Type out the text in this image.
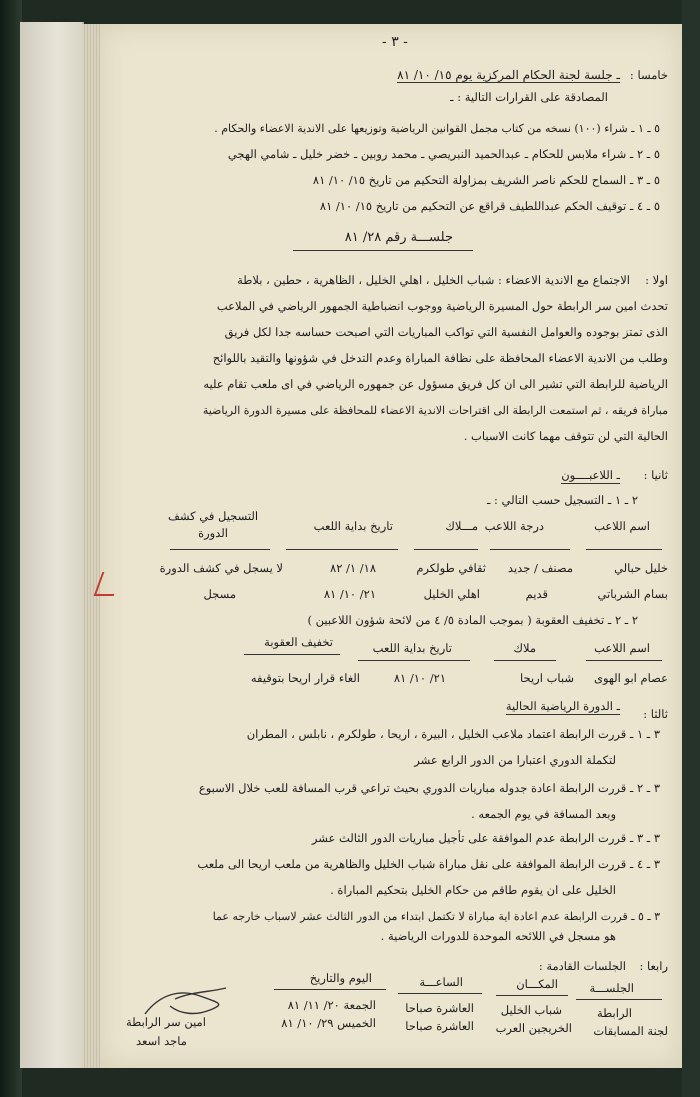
- ٣ -
خامسا :
ـ جلسة لجنة الحكام المركزية يوم ١٥/ ١٠/ ٨١
المصادقة على القرارات التالية : ـ
٥ ـ ١ ـ شراء (١٠٠) نسخه من كتاب مجمل القوانين الرياضية وتوزيعها على الاندية الاعضاء والحكام .
٥ ـ ٢ ـ شراء ملابس للحكام ـ عبدالحميد النبريصي ـ محمد روبين ـ خضر خليل ـ شامي الهجي
٥ ـ ٣ ـ السماح للحكم ناصر الشريف بمزاولة التحكيم من تاريخ ١٥/ ١٠/ ٨١
٥ ـ ٤ ـ توقيف الحكم عبداللطيف قراقع عن التحكيم من تاريخ ١٥/ ١٠/ ٨١
جلســـة رقم ٢٨/ ٨١
اولا :
الاجتماع مع الاندية الاعضاء : شباب الخليل ، اهلي الخليل ، الظاهرية ، حطين ، بلاطة
تحدث امين سر الرابطة حول المسيرة الرياضية ووجوب انضباطية الجمهور الرياضي في الملاعب
الذى تمتز بوجوده والعوامل النفسية التي تواكب المباريات التي اصبحت حساسه جدا لكل فريق
وطلب من الاندية الاعضاء المحافظة على نظافة المباراة وعدم التدخل في شؤونها والتقيد باللوائح
الرياضية للرابطة التي تشير الى ان كل فريق مسؤول عن جمهوره الرياضي في اى ملعب تقام عليه
مباراة فريقه ، ثم استمعت الرابطة الى اقتراحات الاندية الاعضاء للمحافظة على مسيرة الدورة الرياضية
الحالية التي لن تتوقف مهما كانت الاسباب .
ثانيا :
ـ اللاعبــــون
٢ ـ ١ ـ التسجيل حسب التالي : ـ
اسم اللاعب
درجة اللاعب
مـــلاك
تاريخ بداية اللعب
التسجيل في كشف الدورة
خليل حبالي
مصنف / جديد
ثقافي طولكرم
١٨/ ١/ ٨٢
لا يسجل في كشف الدورة
بسام الشرباتي
قديم
اهلي الخليل
٢١/ ١٠/ ٨١
مسجل
٢ ـ ٢ ـ تخفيف العقوبة ( بموجب المادة ٥/ ٤ من لائحة شؤون اللاعبين )
اسم اللاعب
ملاك
تاريخ بداية اللعب
تخفيف العقوبة
عصام ابو الهوى
شباب اريحا
٢١/ ١٠/ ٨١
الغاء قرار اريحا بتوقيفه
ثالثا :
ـ الدورة الرياضية الحالية
٣ ـ ١ ـ قررت الرابطة اعتماد ملاعب الخليل ، البيرة ، اريحا ، طولكرم ، نابلس ، المطران
لتكملة الدوري اعتبارا من الدور الرابع عشر
٣ ـ ٢ ـ قررت الرابطة اعادة جدوله مباريات الدوري بحيث تراعي قرب المسافة للعب خلال الاسبوع
وبعد المسافة في يوم الجمعه .
٣ ـ ٣ ـ قررت الرابطة عدم الموافقة على تأجيل مباريات الدور الثالث عشر
٣ ـ ٤ ـ قررت الرابطة الموافقة على نقل مباراة شباب الخليل والظاهرية من ملعب اريحا الى ملعب
الخليل على ان يقوم طاقم من حكام الخليل بتحكيم المباراة .
٣ ـ ٥ ـ قررت الرابطة عدم اعادة اية مباراة لا تكتمل ابتداء من الدور الثالث عشر لاسباب خارجه عما
هو مسجل في اللائحه الموحدة للدورات الرياضية .
رابعا :
الجلسات القادمة :
الجلســـة
المكـــان
الساعـــة
اليوم والتاريخ
الرابطة
شباب الخليل
العاشرة صباحا
الجمعة ٢٠/ ١١/ ٨١
لجنة المسابقات
الخريجين العرب
العاشرة صباحا
الخميس ٢٩/ ١٠/ ٨١
امين سر الرابطة
ماجد اسعد
